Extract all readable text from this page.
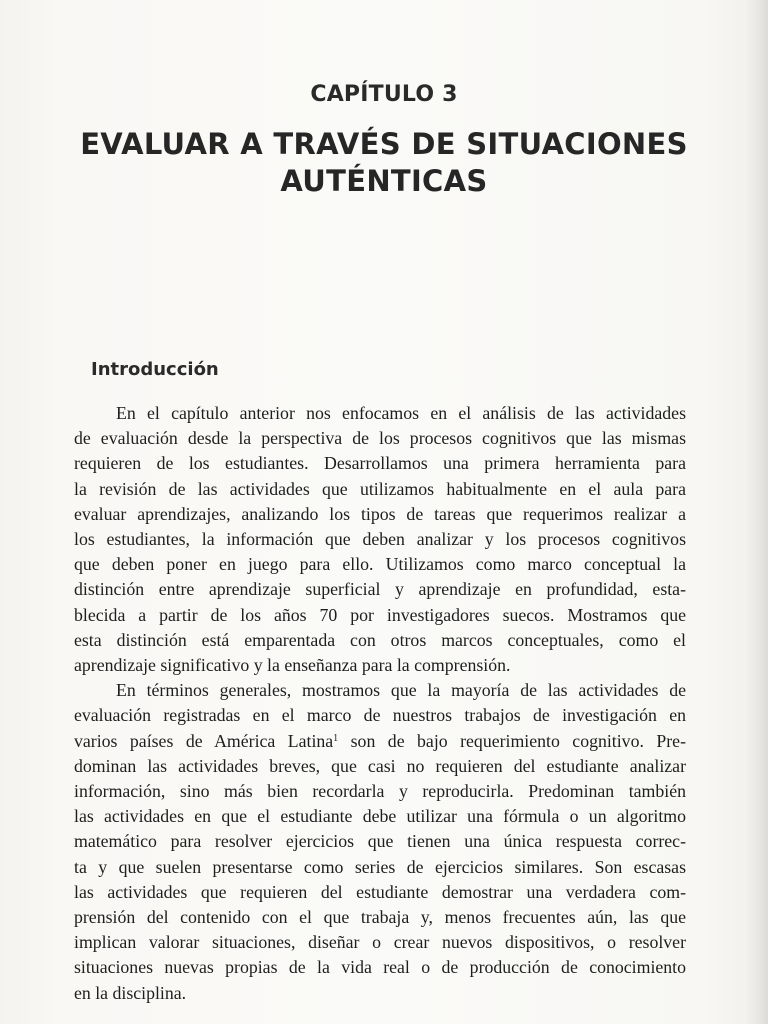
CAPÍTULO 3
EVALUAR A TRAVÉS DE SITUACIONES AUTÉNTICAS
Introducción
En el capítulo anterior nos enfocamos en el análisis de las actividades
de evaluación desde la perspectiva de los procesos cognitivos que las mismas
requieren de los estudiantes. Desarrollamos una primera herramienta para
la revisión de las actividades que utilizamos habitualmente en el aula para
evaluar aprendizajes, analizando los tipos de tareas que requerimos realizar a
los estudiantes, la información que deben analizar y los procesos cognitivos
que deben poner en juego para ello. Utilizamos como marco conceptual la
distinción entre aprendizaje superficial y aprendizaje en profundidad, esta-
blecida a partir de los años 70 por investigadores suecos. Mostramos que
esta distinción está emparentada con otros marcos conceptuales, como el
aprendizaje significativo y la enseñanza para la comprensión.
En términos generales, mostramos que la mayoría de las actividades de
evaluación registradas en el marco de nuestros trabajos de investigación en
varios países de América Latina$^1$ son de bajo requerimiento cognitivo. Pre-
dominan las actividades breves, que casi no requieren del estudiante analizar
información, sino más bien recordarla y reproducirla. Predominan también
las actividades en que el estudiante debe utilizar una fórmula o un algoritmo
matemático para resolver ejercicios que tienen una única respuesta correc-
ta y que suelen presentarse como series de ejercicios similares. Son escasas
las actividades que requieren del estudiante demostrar una verdadera com-
prensión del contenido con el que trabaja y, menos frecuentes aún, las que
implican valorar situaciones, diseñar o crear nuevos dispositivos, o resolver
situaciones nuevas propias de la vida real o de producción de conocimiento
en la disciplina.
